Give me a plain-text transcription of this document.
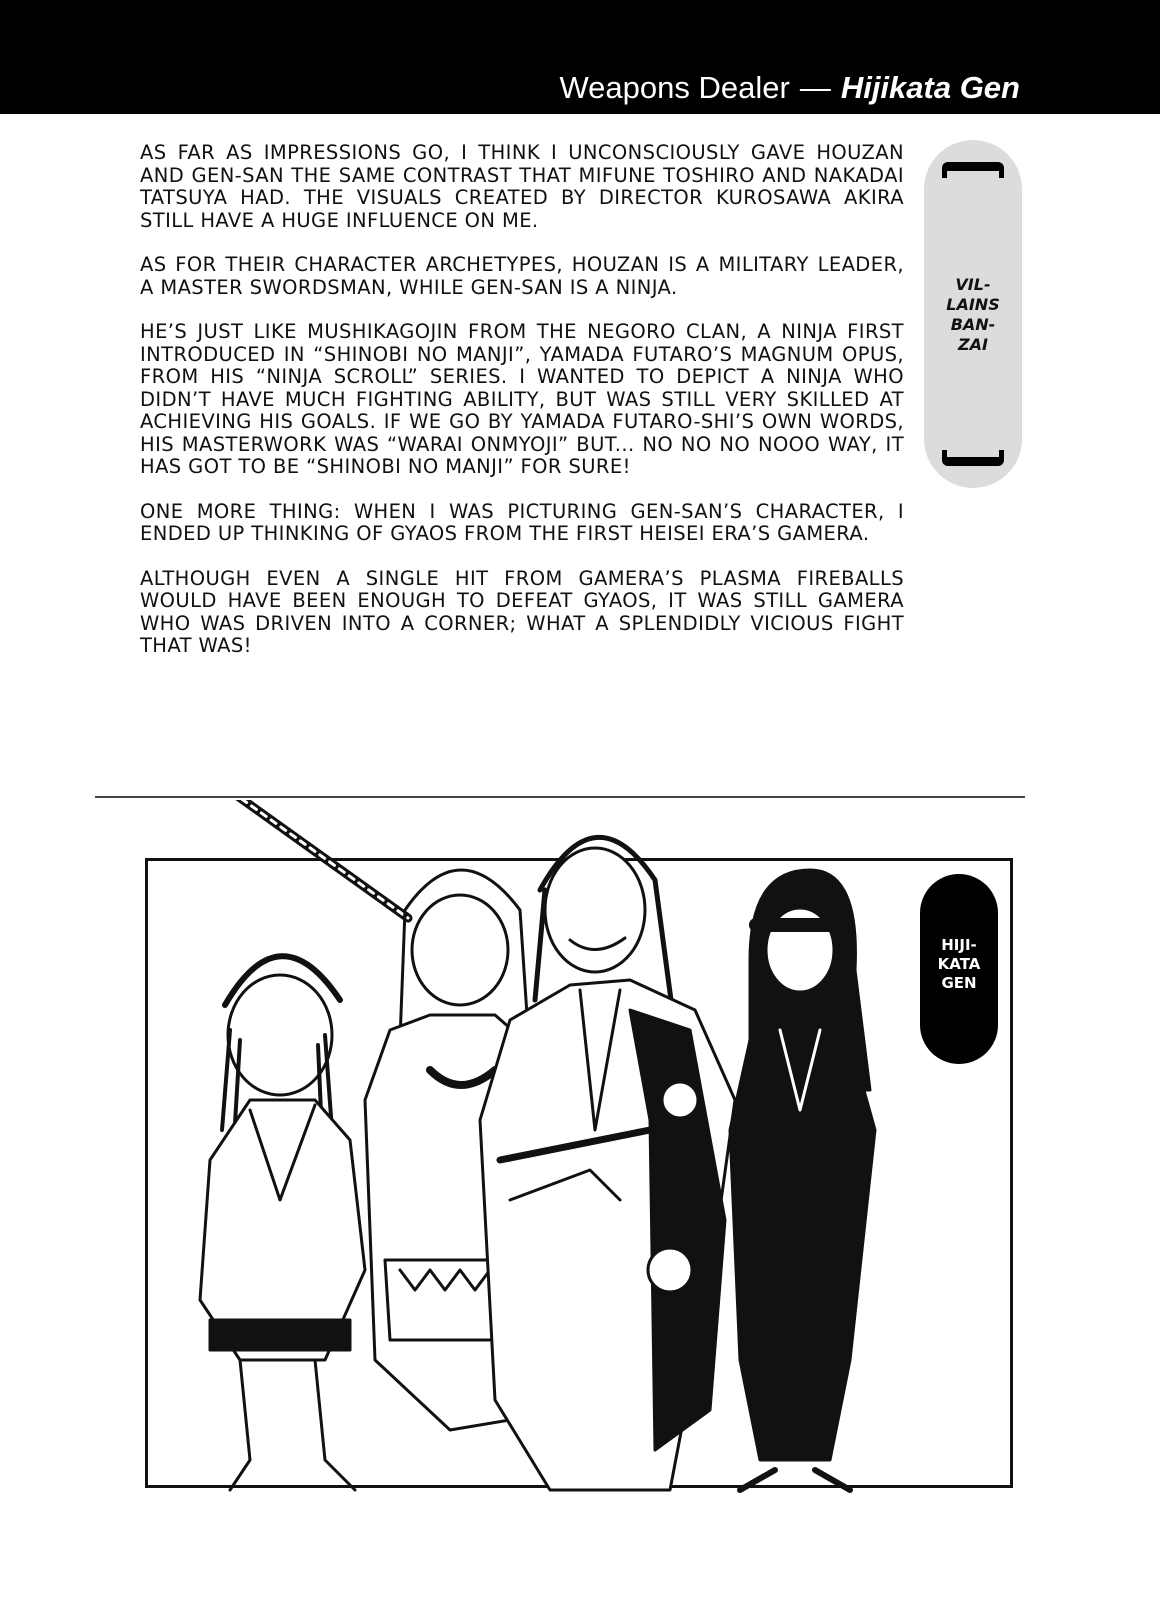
Weapons Dealer — Hijikata Gen

AS FAR AS IMPRESSIONS GO, I THINK I UNCONSCIOUSLY GAVE HOUZAN AND GEN-SAN THE SAME CONTRAST THAT MIFUNE TOSHIRO AND NAKADAI TATSUYA HAD. THE VISUALS CREATED BY DIRECTOR KUROSAWA AKIRA STILL HAVE A HUGE INFLUENCE ON ME.

AS FOR THEIR CHARACTER ARCHETYPES, HOUZAN IS A MILITARY LEADER, A MASTER SWORDSMAN, WHILE GEN-SAN IS A NINJA.

HE’S JUST LIKE MUSHIKAGOJIN FROM THE NEGORO CLAN, A NINJA FIRST INTRODUCED IN “SHINOBI NO MANJI”, YAMADA FUTARO’S MAGNUM OPUS, FROM HIS “NINJA SCROLL” SERIES. I WANTED TO DEPICT A NINJA WHO DIDN’T HAVE MUCH FIGHTING ABILITY, BUT WAS STILL VERY SKILLED AT ACHIEVING HIS GOALS. IF WE GO BY YAMADA FUTARO-SHI’S OWN WORDS, HIS MASTERWORK WAS “WARAI ONMYOJI” BUT... NO NO NO NOOO WAY, IT HAS GOT TO BE “SHINOBI NO MANJI” FOR SURE!

ONE MORE THING: WHEN I WAS PICTURING GEN-SAN’S CHARACTER, I ENDED UP THINKING OF GYAOS FROM THE FIRST HEISEI ERA’S GAMERA.

ALTHOUGH EVEN A SINGLE HIT FROM GAMERA’S PLASMA FIREBALLS WOULD HAVE BEEN ENOUGH TO DEFEAT GYAOS, IT WAS STILL GAMERA WHO WAS DRIVEN INTO A CORNER; WHAT A SPLENDIDLY VICIOUS FIGHT THAT WAS!

VIL-
LAINS
BAN-
ZAI
HIJI-
KATA
GEN
